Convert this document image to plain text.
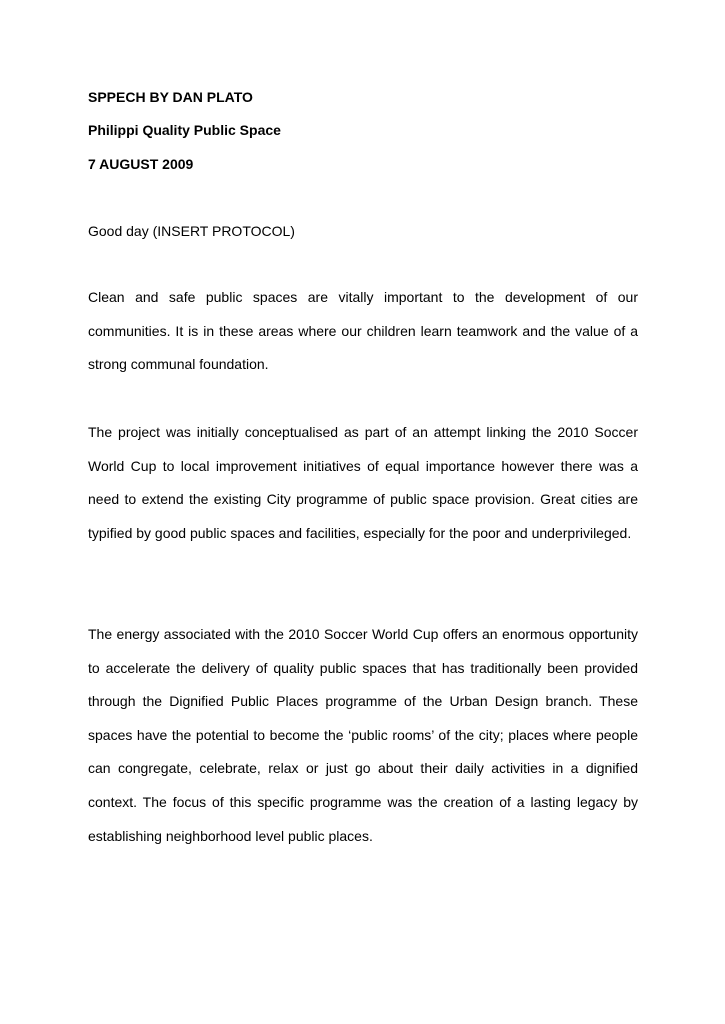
SPPECH BY DAN PLATO

Philippi Quality Public Space

7 AUGUST 2009

Good day (INSERT PROTOCOL)

Clean and safe public spaces are vitally important to the development of our communities. It is in these areas where our children learn teamwork and the value of a strong communal foundation.

The project was initially conceptualised as part of an attempt linking the 2010 Soccer World Cup to local improvement initiatives of equal importance however there was a need to extend the existing City programme of public space provision. Great cities are typified by good public spaces and facilities, especially for the poor and underprivileged.

The energy associated with the 2010 Soccer World Cup offers an enormous opportunity to accelerate the delivery of quality public spaces that has traditionally been provided through the Dignified Public Places programme of the Urban Design branch. These spaces have the potential to become the ‘public rooms’ of the city; places where people can congregate, celebrate, relax or just go about their daily activities in a dignified context. The focus of this specific programme was the creation of a lasting legacy by establishing neighborhood level public places.
